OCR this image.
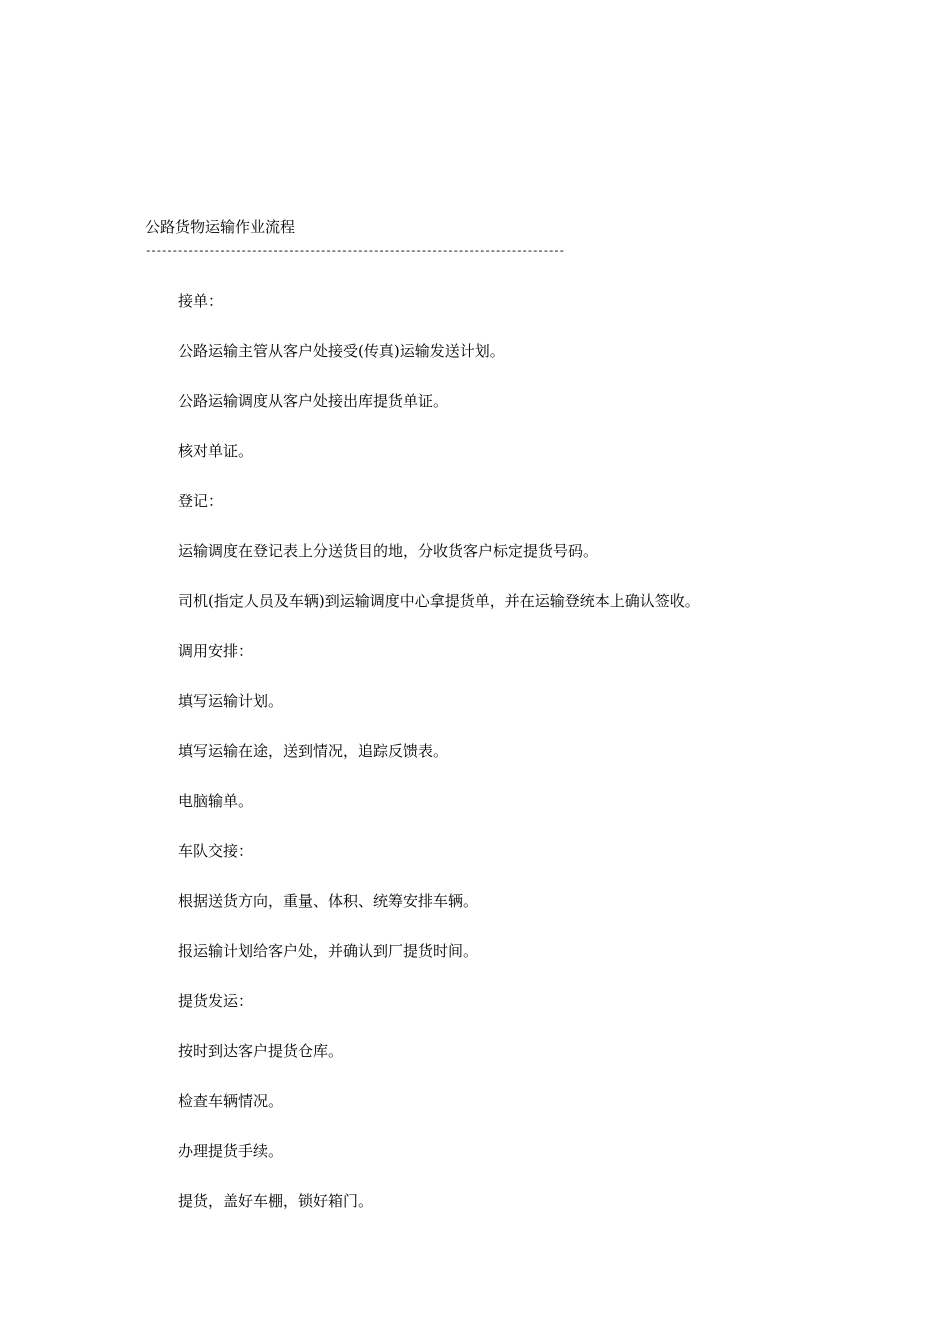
公路货物运输作业流程
-------------------------------------------------------------------------------
接单：
公路运输主管从客户处接受(传真)运输发送计划。
公路运输调度从客户处接出库提货单证。
核对单证。
登记：
运输调度在登记表上分送货目的地，分收货客户标定提货号码。
司机(指定人员及车辆)到运输调度中心拿提货单，并在运输登统本上确认签收。
调用安排：
填写运输计划。
填写运输在途，送到情况，追踪反馈表。
电脑输单。
车队交接：
根据送货方向，重量、体积、统筹安排车辆。
报运输计划给客户处，并确认到厂提货时间。
提货发运：
按时到达客户提货仓库。
检查车辆情况。
办理提货手续。
提货，盖好车棚，锁好箱门。
